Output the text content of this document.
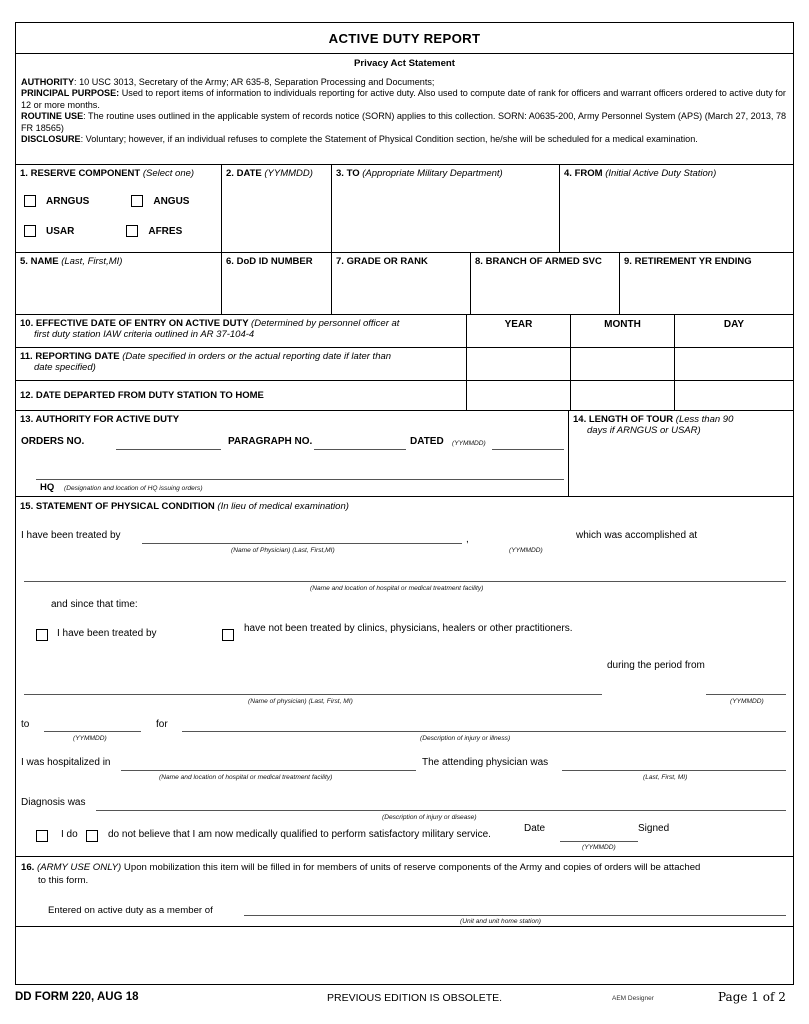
ACTIVE DUTY REPORT
Privacy Act Statement

AUTHORITY: 10 USC 3013, Secretary of the Army; AR 635-8, Separation Processing and Documents;

PRINCIPAL PURPOSE: Used to report items of information to individuals reporting for active duty. Also used to compute date of rank for officers and warrant officers ordered to active duty for 12 or more months.

ROUTINE USE: The routine uses outlined in the applicable system of records notice (SORN) applies to this collection. SORN: A0635-200, Army Personnel System (APS) (March 27, 2013, 78 FR 18565)

DISCLOSURE: Voluntary; however, if an individual refuses to complete the Statement of Physical Condition section, he/she will be scheduled for a medical examination.

1. RESERVE COMPONENT (Select one)
ARNGUS	ANGUS
USAR	AFRES
2. DATE (YYMMDD)	3. TO (Appropriate Military Department)	4. FROM (Initial Active Duty Station)
5. NAME (Last, First,MI)	6. DoD ID NUMBER	7. GRADE OR RANK	8. BRANCH OF ARMED SVC	9. RETIREMENT YR ENDING
10. EFFECTIVE DATE OF ENTRY ON ACTIVE DUTY (Determined by personnel officer at
first duty station IAW criteria outlined in AR 37-104-4
YEAR	MONTH	DAY
11. REPORTING DATE (Date specified in orders or the actual reporting date if later than
date specified)
12. DATE DEPARTED FROM DUTY STATION TO HOME
13. AUTHORITY FOR ACTIVE DUTY
ORDERS NO.	PARAGRAPH NO.	DATED (YYMMDD)
HQ (Designation and location of HQ issuing orders)
14. LENGTH OF TOUR (Less than 90
days if ARNGUS or USAR)
15. STATEMENT OF PHYSICAL CONDITION (In lieu of medical examination)
I have been treated by	,
(Name of Physician) (Last, First,MI)	(YYMMDD)
which was accomplished at
(Name and location of hospital or medical treatment facility)
and since that time:
I have been treated by	have not been treated by clinics, physicians, healers or other practitioners.
during the period from
(Name of physician) (Last, First, MI)	(YYMMDD)
to
(YYMMDD)
for
(Description of injury or illness)
I was hospitalized in
(Name and location of hospital or medical treatment facility)
The attending physician was
(Last, First, MI)
Diagnosis was
(Description of injury or disease)
I do	do not believe that I am now medically qualified to perform satisfactory military service.
Date
(YYMMDD)
Signed
16. (ARMY USE ONLY) Upon mobilization this item will be filled in for members of units of reserve components of the Army and copies of orders will be attached
to this form.
Entered on active duty as a member of
(Unit and unit home station)
DD FORM 220, AUG 18	PREVIOUS EDITION IS OBSOLETE.	AEM Designer	Page 1 of 2
